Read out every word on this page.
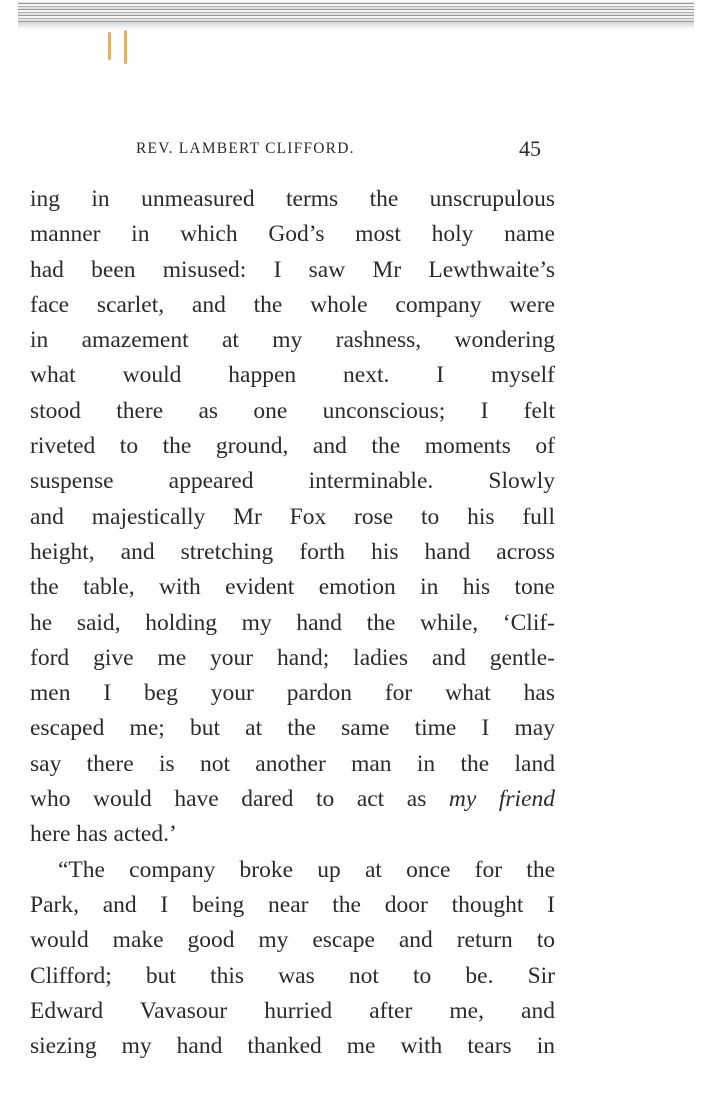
REV. LAMBERT CLIFFORD.	45
ing in unmeasured terms the unscrupulous
manner in which God’s most holy name
had been misused: I saw Mr Lewthwaite’s
face scarlet, and the whole company were
in amazement at my rashness, wondering
what would happen next. I myself
stood there as one unconscious; I felt
riveted to the ground, and the moments of
suspense appeared interminable. Slowly
and majestically Mr Fox rose to his full
height, and stretching forth his hand across
the table, with evident emotion in his tone
he said, holding my hand the while, ‘Clif-
ford give me your hand; ladies and gentle-
men I beg your pardon for what has
escaped me; but at the same time I may
say there is not another man in the land
who would have dared to act as my friend
here has acted.’
“The company broke up at once for the
Park, and I being near the door thought I
would make good my escape and return to
Clifford; but this was not to be. Sir
Edward Vavasour hurried after me, and
siezing my hand thanked me with tears in
